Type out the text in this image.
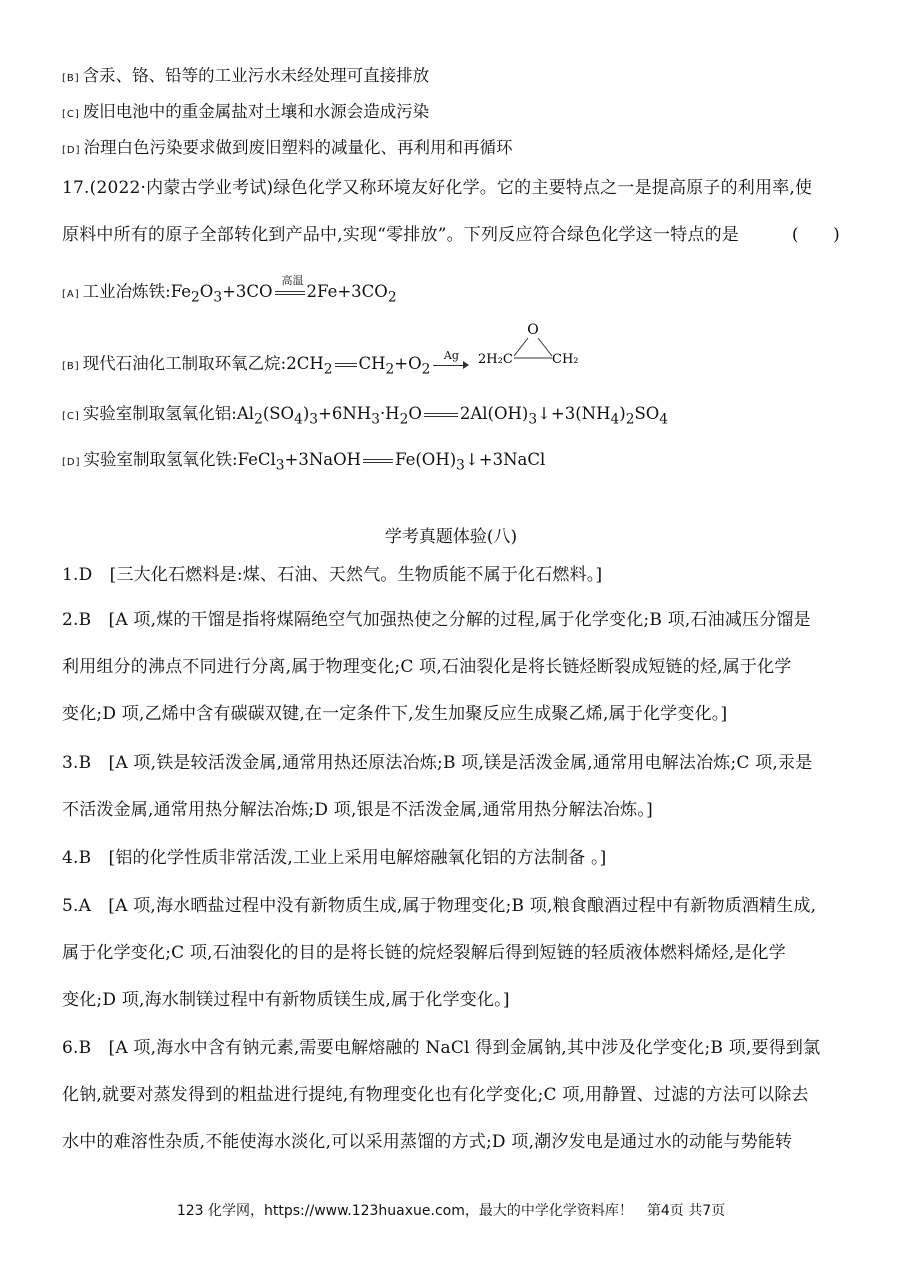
[B] 含汞、铬、铅等的工业污水未经处理可直接排放
[C] 废旧电池中的重金属盐对土壤和水源会造成污染
[D] 治理白色污染要求做到废旧塑料的减量化、再利用和再循环
17.(2022·内蒙古学业考试)绿色化学又称环境友好化学。它的主要特点之一是提高原子的利用率,使
原料中所有的原子全部转化到产品中,实现“零排放”。下列反应符合绿色化学这一特点的是	(　　)
[A] 工业冶炼铁$:Fe_2O_3+3CO$
高温
$2Fe+3CO_2$
[B] 现代石油化工制取环氧乙烷$:2CH_2$ $CH_2+O_2$
Ag
O
2H₂C	CH₂
[C] 实验室制取氢氧化铝$:Al_2(SO_4)_3+6NH_3\cdot H_2O$ $2Al(OH)_3↓+3(NH_4)_2SO_4$
[D] 实验室制取氢氧化铁:FeCl$_3$+3NaOH $Fe(OH)_3↓+3NaCl$
学考真题体验(八)
1.D　[三大化石燃料是:煤、石油、天然气。生物质能不属于化石燃料。]
2.B　[A 项,煤的干馏是指将煤隔绝空气加强热使之分解的过程,属于化学变化;B 项,石油减压分馏是
利用组分的沸点不同进行分离,属于物理变化;C 项,石油裂化是将长链烃断裂成短链的烃,属于化学
变化;D 项,乙烯中含有碳碳双键,在一定条件下,发生加聚反应生成聚乙烯,属于化学变化。]
3.B　[A 项,铁是较活泼金属,通常用热还原法冶炼;B 项,镁是活泼金属,通常用电解法冶炼;C 项,汞是
不活泼金属,通常用热分解法冶炼;D 项,银是不活泼金属,通常用热分解法冶炼。]
4.B　[铝的化学性质非常活泼,工业上采用电解熔融氧化铝的方法制备 。]
5.A　[A 项,海水晒盐过程中没有新物质生成,属于物理变化;B 项,粮食酿酒过程中有新物质酒精生成,
属于化学变化;C 项,石油裂化的目的是将长链的烷烃裂解后得到短链的轻质液体燃料烯烃,是化学
变化;D 项,海水制镁过程中有新物质镁生成,属于化学变化。]
6.B　[A 项,海水中含有钠元素,需要电解熔融的 NaCl 得到金属钠,其中涉及化学变化;B 项,要得到氯
化钠,就要对蒸发得到的粗盐进行提纯,有物理变化也有化学变化;C 项,用静置、过滤的方法可以除去
水中的难溶性杂质,不能使海水淡化,可以采用蒸馏的方式;D 项,潮汐发电是通过水的动能与势能转
123 化学网，https://www.123huaxue.com，最大的中学化学资料库！　第4页 共7页
